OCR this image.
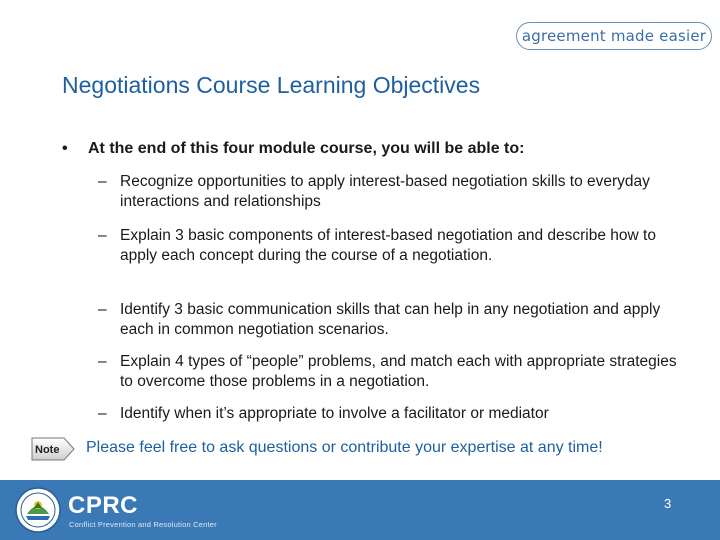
agreement made easier
Negotiations Course Learning Objectives
• At the end of this four module course, you will be able to:
– Recognize opportunities to apply interest-based negotiation skills to everyday interactions and relationships
– Explain 3 basic components of interest-based negotiation and describe how to apply each concept during the course of a negotiation.
– Identify 3 basic communication skills that can help in any negotiation and apply each in common negotiation scenarios.
– Explain 4 types of “people” problems, and match each with appropriate strategies to overcome those problems in a negotiation.
– Identify when it’s appropriate to involve a facilitator or mediator
Note Please feel free to ask questions or contribute your expertise at any time!
CPRC
Conflict Prevention and Resolution Center
3
